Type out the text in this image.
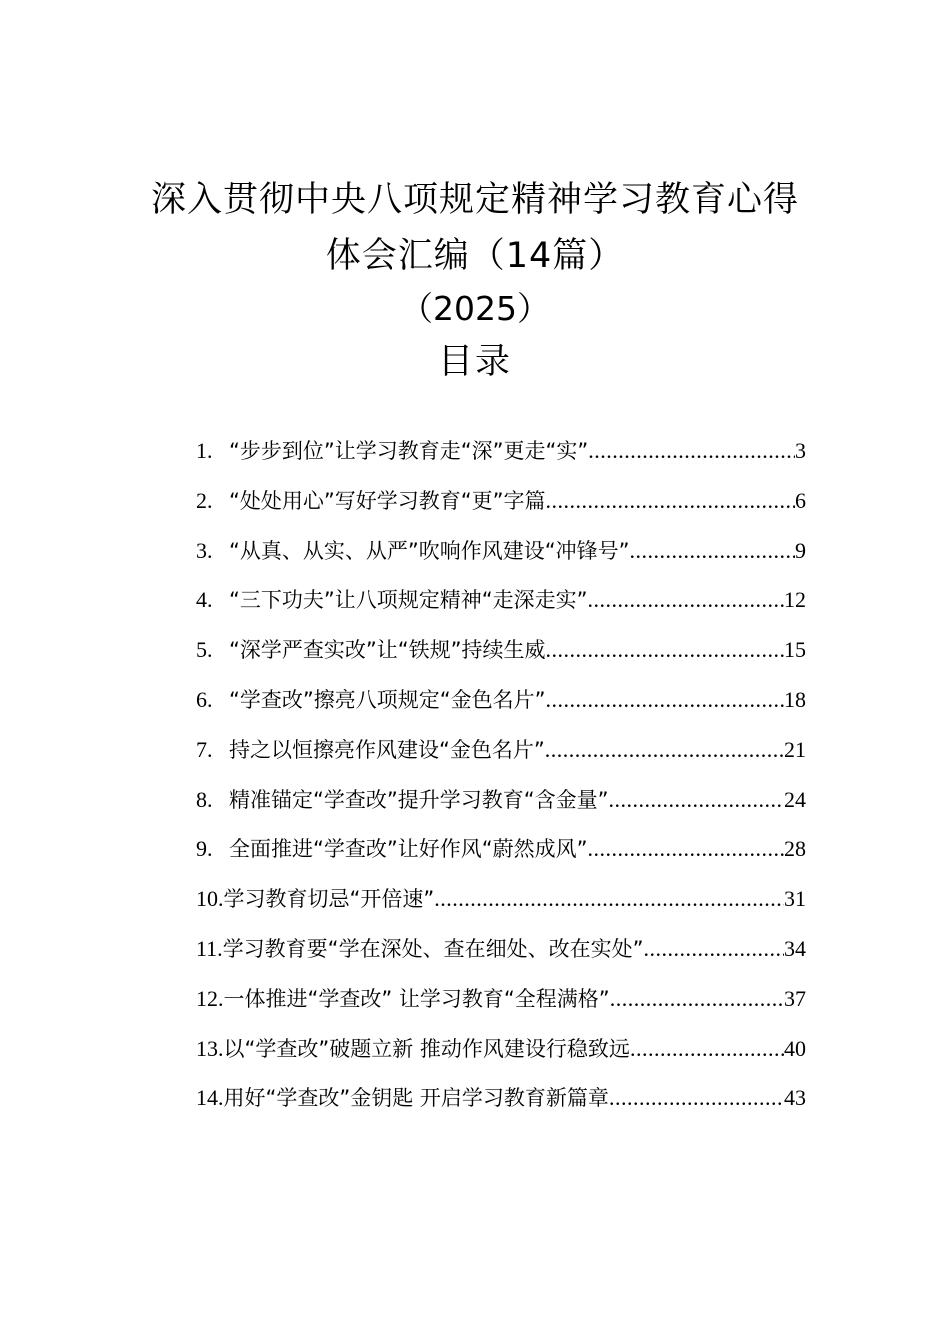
深入贯彻中央八项规定精神学习教育心得
体会汇编（14篇）
（2025）
目录
1. “步步到位”让学习教育走“深”更走“实” .....	3
2. “处处用心”写好学习教育“更”字篇 .....	6
3. “从真、从实、从严”吹响作风建设“冲锋号” .....	9
4. “三下功夫”让八项规定精神“走深走实” .....	12
5. “深学严查实改”让“铁规”持续生威 .....	15
6. “学查改”擦亮八项规定“金色名片” .....	18
7. 持之以恒擦亮作风建设“金色名片” .....	21
8. 精准锚定“学查改”提升学习教育“含金量” .....	24
9. 全面推进“学查改”让好作风“蔚然成风” .....	28
10. 学习教育切忌“开倍速” .....	31
11. 学习教育要“学在深处、查在细处、改在实处” .....	34
12. 一体推进“学查改” 让学习教育“全程满格” .....	37
13. 以“学查改”破题立新 推动作风建设行稳致远 .....	40
14. 用好“学查改”金钥匙 开启学习教育新篇章 .....	43
